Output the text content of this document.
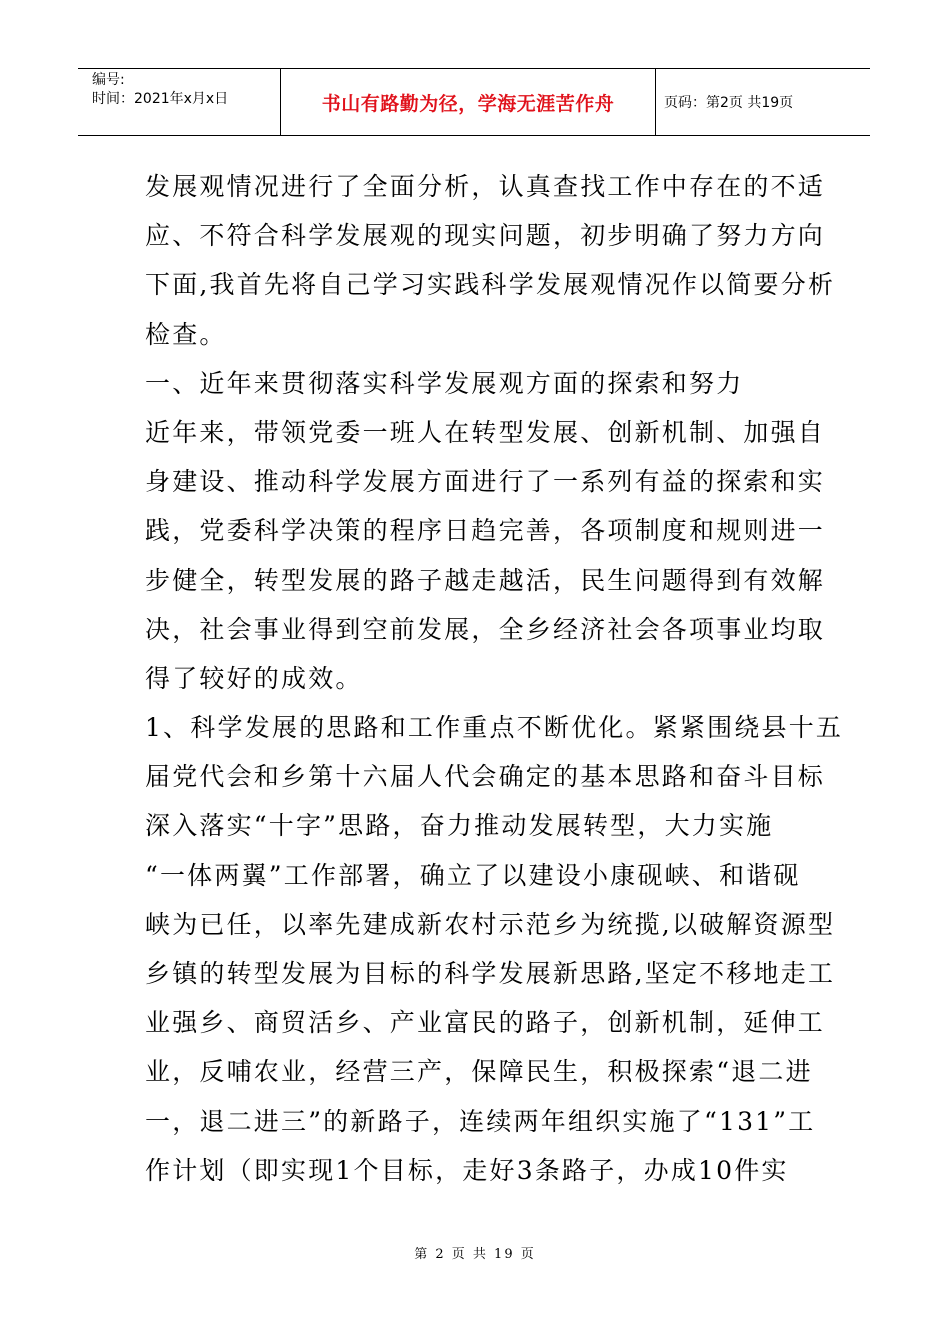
编号:
时间：2021年x月x日	书山有路勤为径，学海无涯苦作舟	页码：第2页 共19页

发展观情况进行了全面分析，认真查找工作中存在的不适

应、不符合科学发展观的现实问题，初步明确了努力方向

下面,我首先将自己学习实践科学发展观情况作以简要分析

检查。

一、近年来贯彻落实科学发展观方面的探索和努力

近年来，带领党委一班人在转型发展、创新机制、加强自

身建设、推动科学发展方面进行了一系列有益的探索和实

践，党委科学决策的程序日趋完善，各项制度和规则进一

步健全，转型发展的路子越走越活，民生问题得到有效解

决，社会事业得到空前发展，全乡经济社会各项事业均取

得了较好的成效。

1、科学发展的思路和工作重点不断优化。紧紧围绕县十五

届党代会和乡第十六届人代会确定的基本思路和奋斗目标

深入落实“十字”思路，奋力推动发展转型，大力实施

“一体两翼”工作部署，确立了以建设小康砚峡、和谐砚

峡为已任，以率先建成新农村示范乡为统揽,以破解资源型

乡镇的转型发展为目标的科学发展新思路,坚定不移地走工

业强乡、商贸活乡、产业富民的路子，创新机制，延伸工

业，反哺农业，经营三产，保障民生，积极探索“退二进

一，退二进三”的新路子，连续两年组织实施了“131”工

作计划（即实现1个目标，走好3条路子，办成10件实

第 2 页 共 19 页
